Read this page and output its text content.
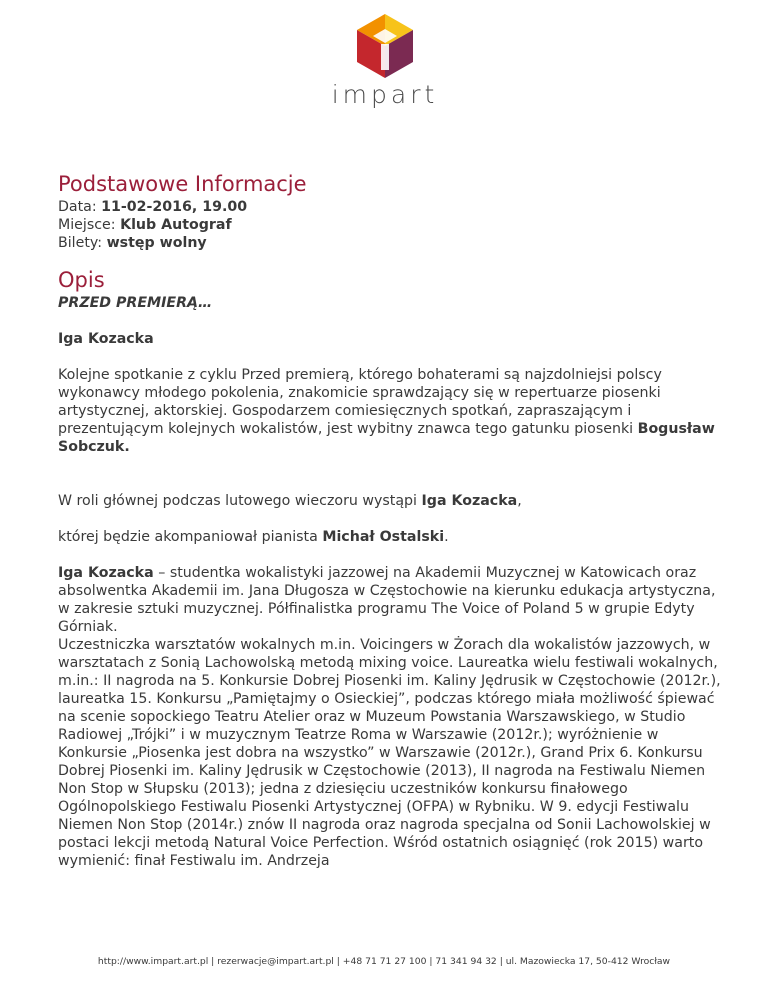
impart
Podstawowe Informacje

Data: 11-02-2016, 19.00

Miejsce: Klub Autograf

Bilety: wstęp wolny

Opis

PRZED PREMIERĄ…

Iga Kozacka

Kolejne spotkanie z cyklu Przed premierą, którego bohaterami są najzdolniejsi polscy wykonawcy młodego pokolenia, znakomicie sprawdzający się w repertuarze piosenki artystycznej, aktorskiej. Gospodarzem comiesięcznych spotkań, zapraszającym i prezentującym kolejnych wokalistów, jest wybitny znawca tego gatunku piosenki Bogusław Sobczuk.

W roli głównej podczas lutowego wieczoru wystąpi Iga Kozacka,

której będzie akompaniował pianista Michał Ostalski.

Iga Kozacka – studentka wokalistyki jazzowej na Akademii Muzycznej w Katowicach oraz absolwentka Akademii im. Jana Długosza w Częstochowie na kierunku edukacja artystyczna, w zakresie sztuki muzycznej. Półfinalistka programu The Voice of Poland 5 w grupie Edyty Górniak.

Uczestniczka warsztatów wokalnych m.in. Voicingers w Żorach dla wokalistów jazzowych, w warsztatach z Sonią Lachowolską metodą mixing voice. Laureatka wielu festiwali wokalnych, m.in.: II nagroda na 5. Konkursie Dobrej Piosenki im. Kaliny Jędrusik w Częstochowie (2012r.), laureatka 15. Konkursu „Pamiętajmy o Osieckiej”, podczas którego miała możliwość śpiewać na scenie sopockiego Teatru Atelier oraz w Muzeum Powstania Warszawskiego, w Studio Radiowej „Trójki” i w muzycznym Teatrze Roma w Warszawie (2012r.); wyróżnienie w Konkursie „Piosenka jest dobra na wszystko” w Warszawie (2012r.), Grand Prix 6. Konkursu Dobrej Piosenki im. Kaliny Jędrusik w Częstochowie (2013), II nagroda na Festiwalu Niemen Non Stop w Słupsku (2013); jedna z dziesięciu uczestników konkursu finałowego Ogólnopolskiego Festiwalu Piosenki Artystycznej (OFPA) w Rybniku. W 9. edycji Festiwalu Niemen Non Stop (2014r.) znów II nagroda oraz nagroda specjalna od Sonii Lachowolskiej w postaci lekcji metodą Natural Voice Perfection. Wśród ostatnich osiągnięć (rok 2015) warto wymienić: finał Festiwalu im. Andrzeja

http://www.impart.art.pl | rezerwacje@impart.art.pl | +48 71 71 27 100 | 71 341 94 32 | ul. Mazowiecka 17, 50-412 Wrocław
